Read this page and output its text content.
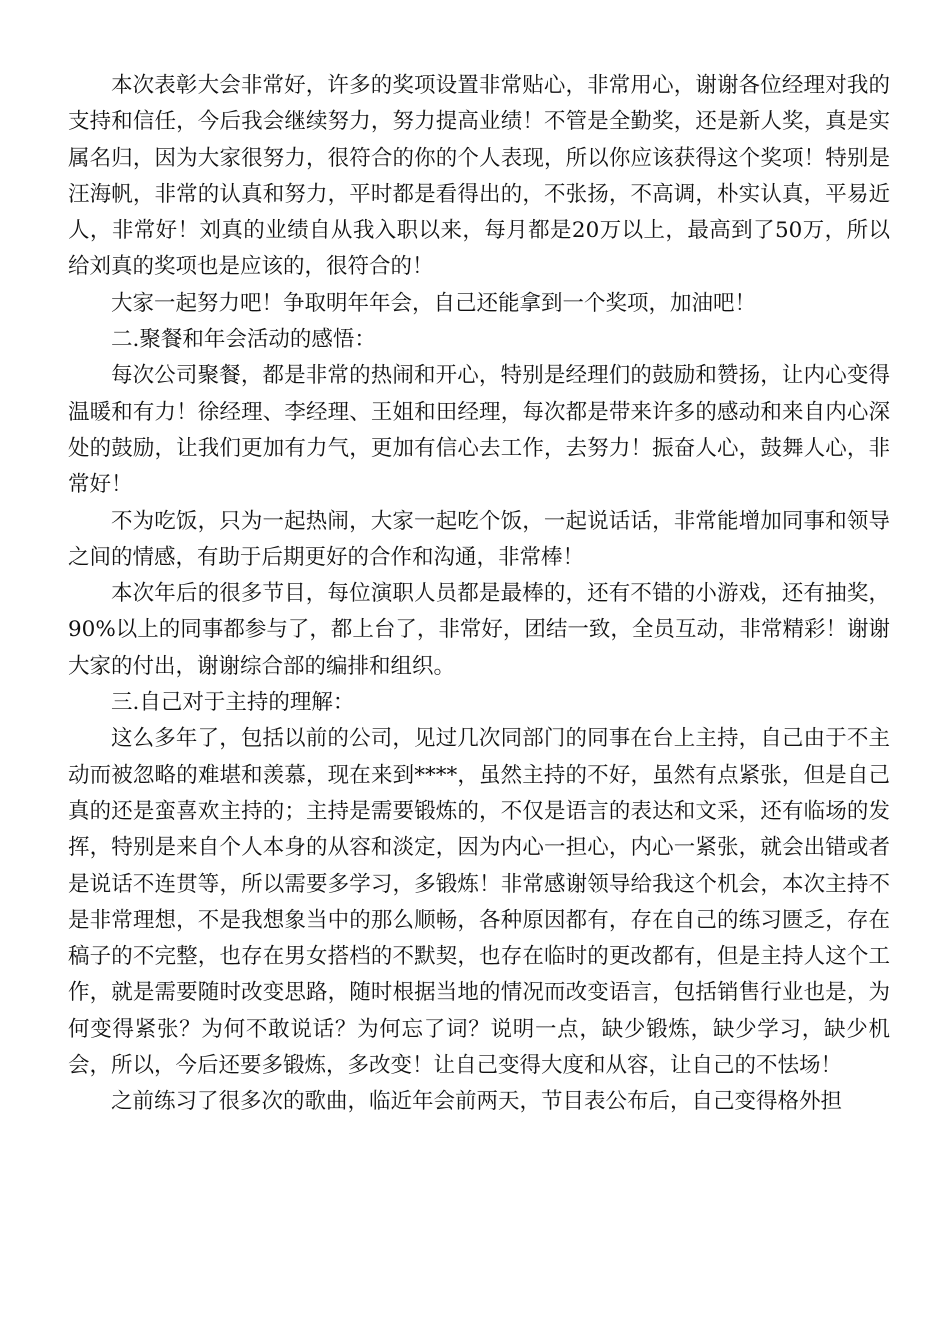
本次表彰大会非常好，许多的奖项设置非常贴心，非常用心，谢谢各位经理对我的支持和信任，今后我会继续努力，努力提高业绩！不管是全勤奖，还是新人奖，真是实属名归，因为大家很努力，很符合的你的个人表现，所以你应该获得这个奖项！特别是汪海帆，非常的认真和努力，平时都是看得出的，不张扬，不高调，朴实认真，平易近人，非常好！刘真的业绩自从我入职以来，每月都是20万以上，最高到了50万，所以给刘真的奖项也是应该的，很符合的！

大家一起努力吧！争取明年年会，自己还能拿到一个奖项，加油吧！

二.聚餐和年会活动的感悟：

每次公司聚餐，都是非常的热闹和开心，特别是经理们的鼓励和赞扬，让内心变得温暖和有力！徐经理、李经理、王姐和田经理，每次都是带来许多的感动和来自内心深处的鼓励，让我们更加有力气，更加有信心去工作，去努力！振奋人心，鼓舞人心，非常好！

不为吃饭，只为一起热闹，大家一起吃个饭，一起说话话，非常能增加同事和领导之间的情感，有助于后期更好的合作和沟通，非常棒！

本次年后的很多节目，每位演职人员都是最棒的，还有不错的小游戏，还有抽奖，90%以上的同事都参与了，都上台了，非常好，团结一致，全员互动，非常精彩！谢谢大家的付出，谢谢综合部的编排和组织。

三.自己对于主持的理解：

这么多年了，包括以前的公司，见过几次同部门的同事在台上主持，自己由于不主动而被忽略的难堪和羡慕，现在来到****，虽然主持的不好，虽然有点紧张，但是自己真的还是蛮喜欢主持的；主持是需要锻炼的，不仅是语言的表达和文采，还有临场的发挥，特别是来自个人本身的从容和淡定，因为内心一担心，内心一紧张，就会出错或者是说话不连贯等，所以需要多学习，多锻炼！非常感谢领导给我这个机会，本次主持不是非常理想，不是我想象当中的那么顺畅，各种原因都有，存在自己的练习匮乏，存在稿子的不完整，也存在男女搭档的不默契，也存在临时的更改都有，但是主持人这个工作，就是需要随时改变思路，随时根据当地的情况而改变语言，包括销售行业也是，为何变得紧张？为何不敢说话？为何忘了词？说明一点，缺少锻炼，缺少学习，缺少机会，所以，今后还要多锻炼，多改变！让自己变得大度和从容，让自己的不怯场！

之前练习了很多次的歌曲，临近年会前两天，节目表公布后，自己变得格外担
